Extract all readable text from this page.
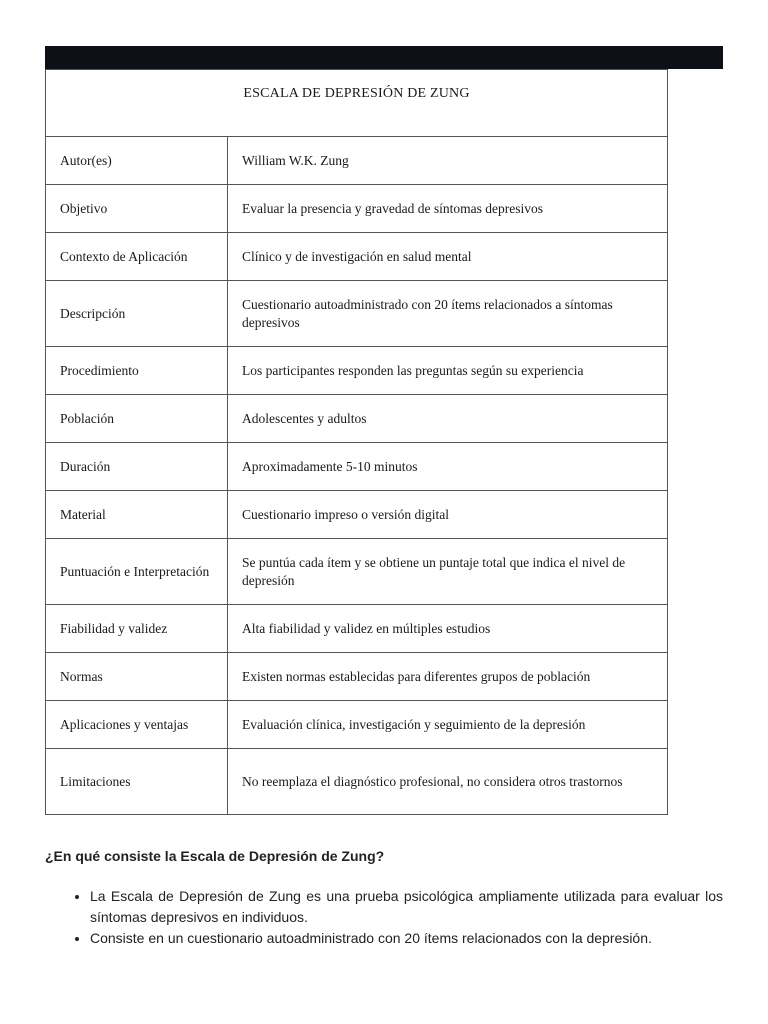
ESCALA DE DEPRESIÓN DE ZUNG	
Autor(es)	William W.K. Zung
Objetivo	Evaluar la presencia y gravedad de síntomas depresivos
Contexto de Aplicación	Clínico y de investigación en salud mental
Descripción	Cuestionario autoadministrado con 20 ítems relacionados a síntomas depresivos
Procedimiento	Los participantes responden las preguntas según su experiencia
Población	Adolescentes y adultos
Duración	Aproximadamente 5-10 minutos
Material	Cuestionario impreso o versión digital
Puntuación e Interpretación	Se puntúa cada ítem y se obtiene un puntaje total que indica el nivel de depresión
Fiabilidad y validez	Alta fiabilidad y validez en múltiples estudios
Normas	Existen normas establecidas para diferentes grupos de población
Aplicaciones y ventajas	Evaluación clínica, investigación y seguimiento de la depresión
Limitaciones	No reemplaza el diagnóstico profesional, no considera otros trastornos
¿En qué consiste la Escala de Depresión de Zung?
• La Escala de Depresión de Zung es una prueba psicológica ampliamente utilizada para evaluar los síntomas depresivos en individuos.
• Consiste en un cuestionario autoadministrado con 20 ítems relacionados con la depresión.
